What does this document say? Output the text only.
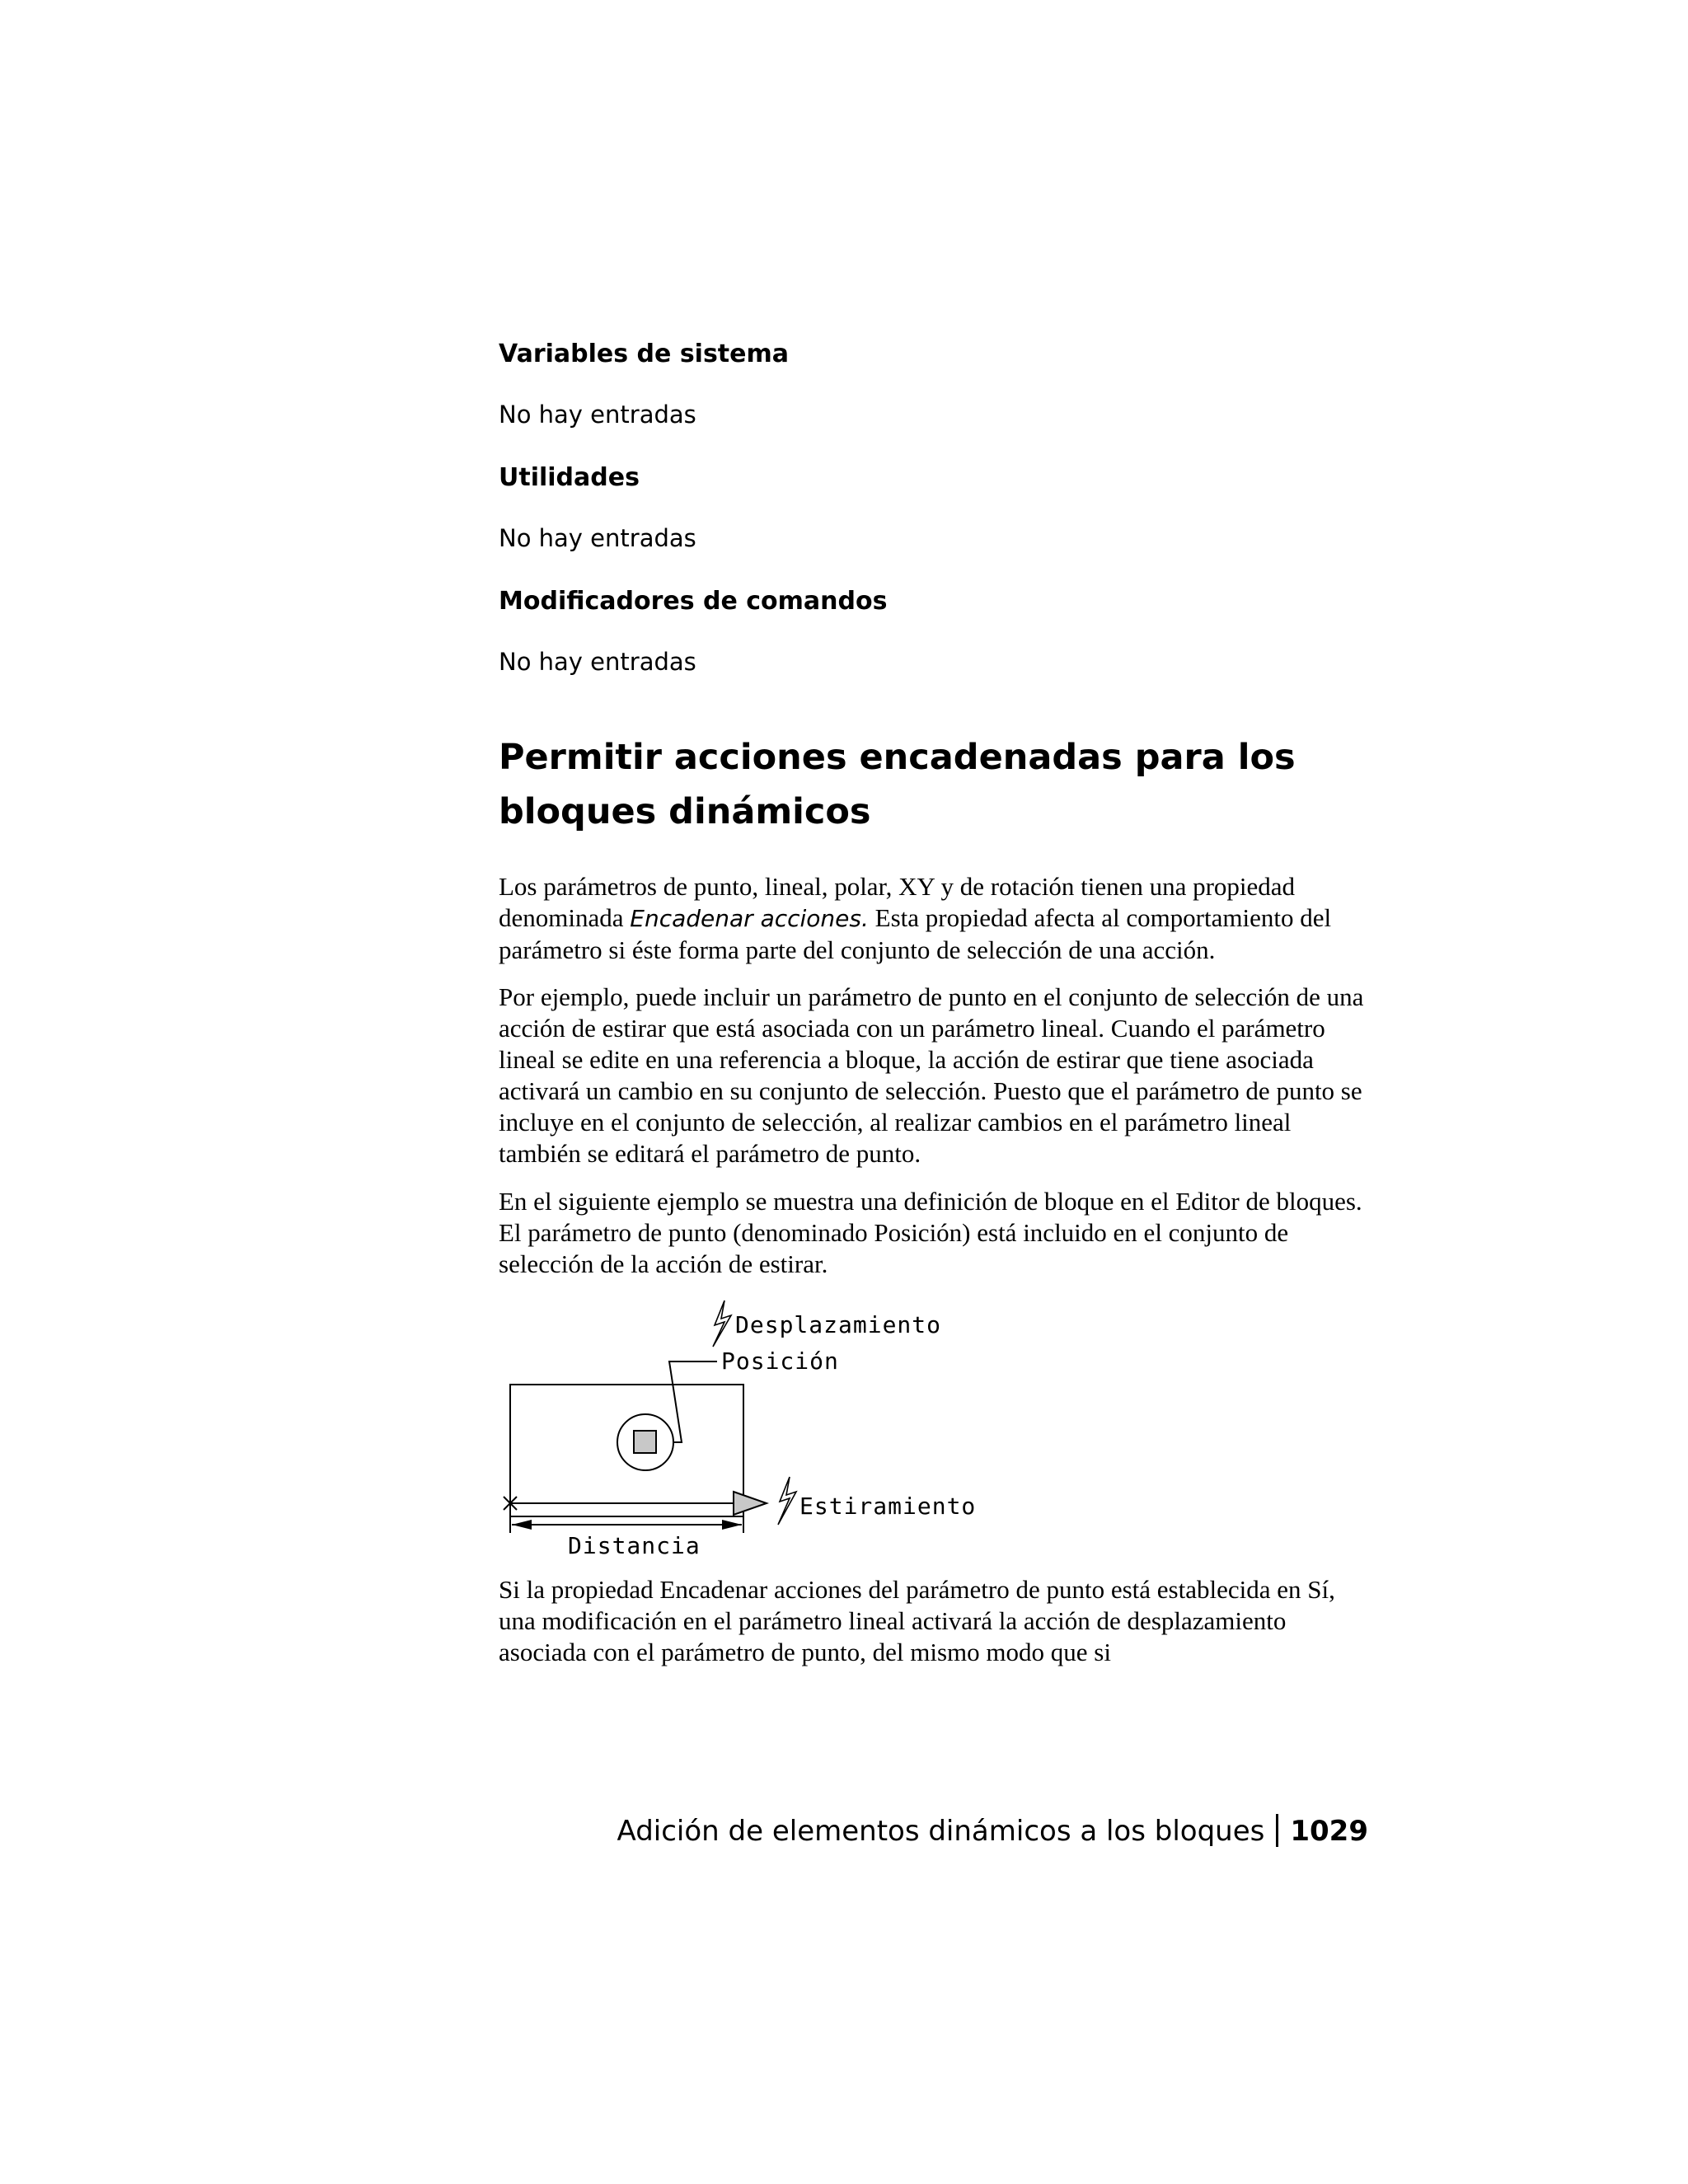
Variables de sistema

No hay entradas

Utilidades

No hay entradas

Modificadores de comandos

No hay entradas

Permitir acciones encadenadas para los bloques dinámicos

Los parámetros de punto, lineal, polar, XY y de rotación tienen una propiedad denominada Encadenar acciones. Esta propiedad afecta al comportamiento del parámetro si éste forma parte del conjunto de selección de una acción.

Por ejemplo, puede incluir un parámetro de punto en el conjunto de selección de una acción de estirar que está asociada con un parámetro lineal. Cuando el parámetro lineal se edite en una referencia a bloque, la acción de estirar que tiene asociada activará un cambio en su conjunto de selección. Puesto que el parámetro de punto se incluye en el conjunto de selección, al realizar cambios en el parámetro lineal también se editará el parámetro de punto.

En el siguiente ejemplo se muestra una definición de bloque en el Editor de bloques. El parámetro de punto (denominado Posición) está incluido en el conjunto de selección de la acción de estirar.

Desplazamiento
Posición
Estiramiento
Distancia

Si la propiedad Encadenar acciones del parámetro de punto está establecida en Sí, una modificación en el parámetro lineal activará la acción de desplazamiento asociada con el parámetro de punto, del mismo modo que si

Adición de elementos dinámicos a los bloques 1029
